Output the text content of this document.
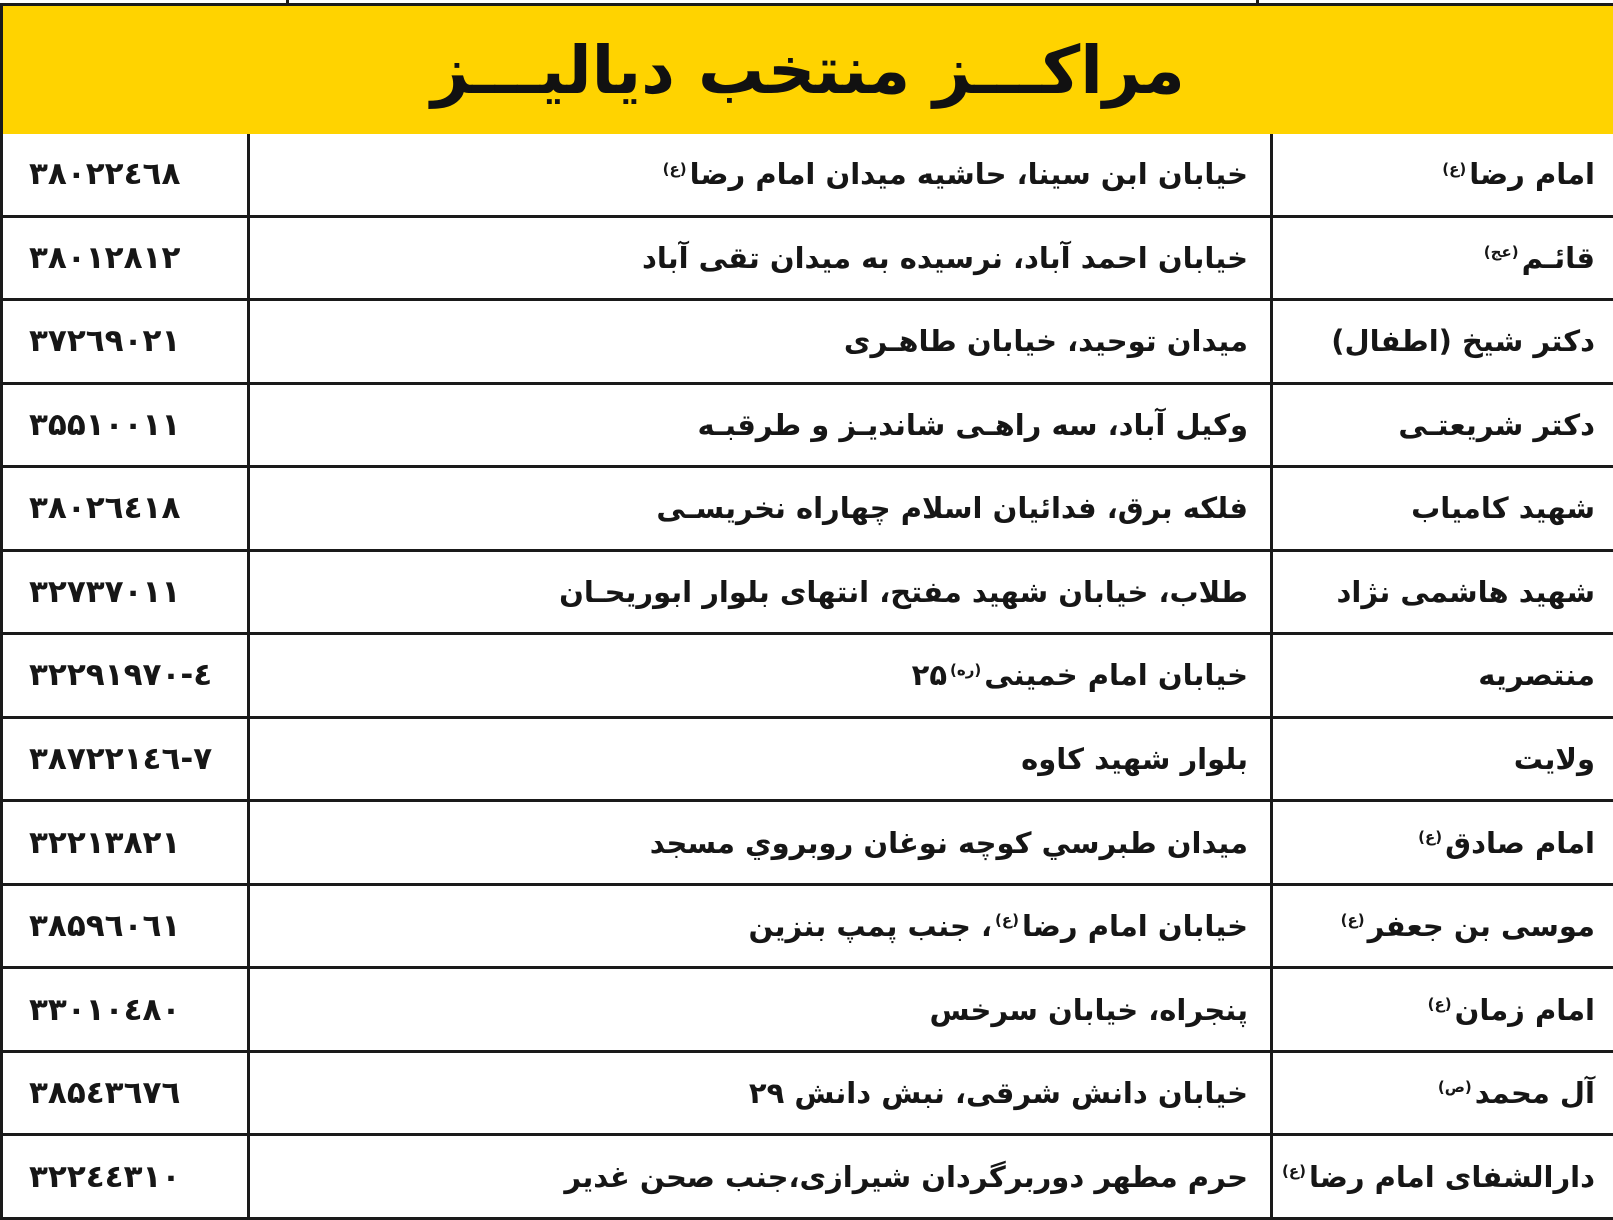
مراکـــز منتخب دیالیـــز
امام رضا$^{(ع)}$	خیابان ابن سینا، حاشیه میدان امام رضا$^{(ع)}$	۳۸۰۲۲٤٦۸
قائـم$^{(عج)}$	خیابان احمد آباد، نرسیده به میدان تقی آباد	۳۸۰۱۲۸۱۲
دکتر شیخ (اطفال)	میدان توحید، خیابان طاهـری	۳۷۲٦۹۰۲۱
دکتر شریعتـی	وکیل آباد، سه راهـی شاندیـز و طرقبـه	۳۵۵۱۰۰۱۱
شهید کامیاب	فلکه برق، فدائیان اسلام چهاراه نخریسـی	۳۸۰۲٦٤۱۸
شهید هاشمی نژاد	طلاب، خیابان شهید مفتح، انتهای بلوار ابوریحـان	۳۲۷۳۷۰۱۱
منتصریه	خیابان امام خمینی$^{(ره)}$۲۵	۳۲۲۹۱۹۷۰-٤
ولایت	بلوار شهید کاوه	۳۸۷۲۲۱٤٦-۷
امام صادق$^{(ع)}$	ميدان طبرسي كوچه نوغان روبروي مسجد	۳۲۲۱۳۸۲۱
موسی بن جعفر$^{(ع)}$	خیابان امام رضا$^{(ع)}$، جنب پمپ بنزین	۳۸۵۹٦۰٦۱
امام زمان$^{(ع)}$	پنجراه، خیابان سرخس	۳۳۰۱۰٤۸۰
آل محمد$^{(ص)}$	خیابان دانش شرقی، نبش دانش ۲۹	۳۸۵٤۳٦۷٦
دارالشفای امام رضا$^{(ع)}$	حرم مطهر دوربرگردان شیرازی،جنب صحن غدیر	۳۲۲٤٤۳۱۰
